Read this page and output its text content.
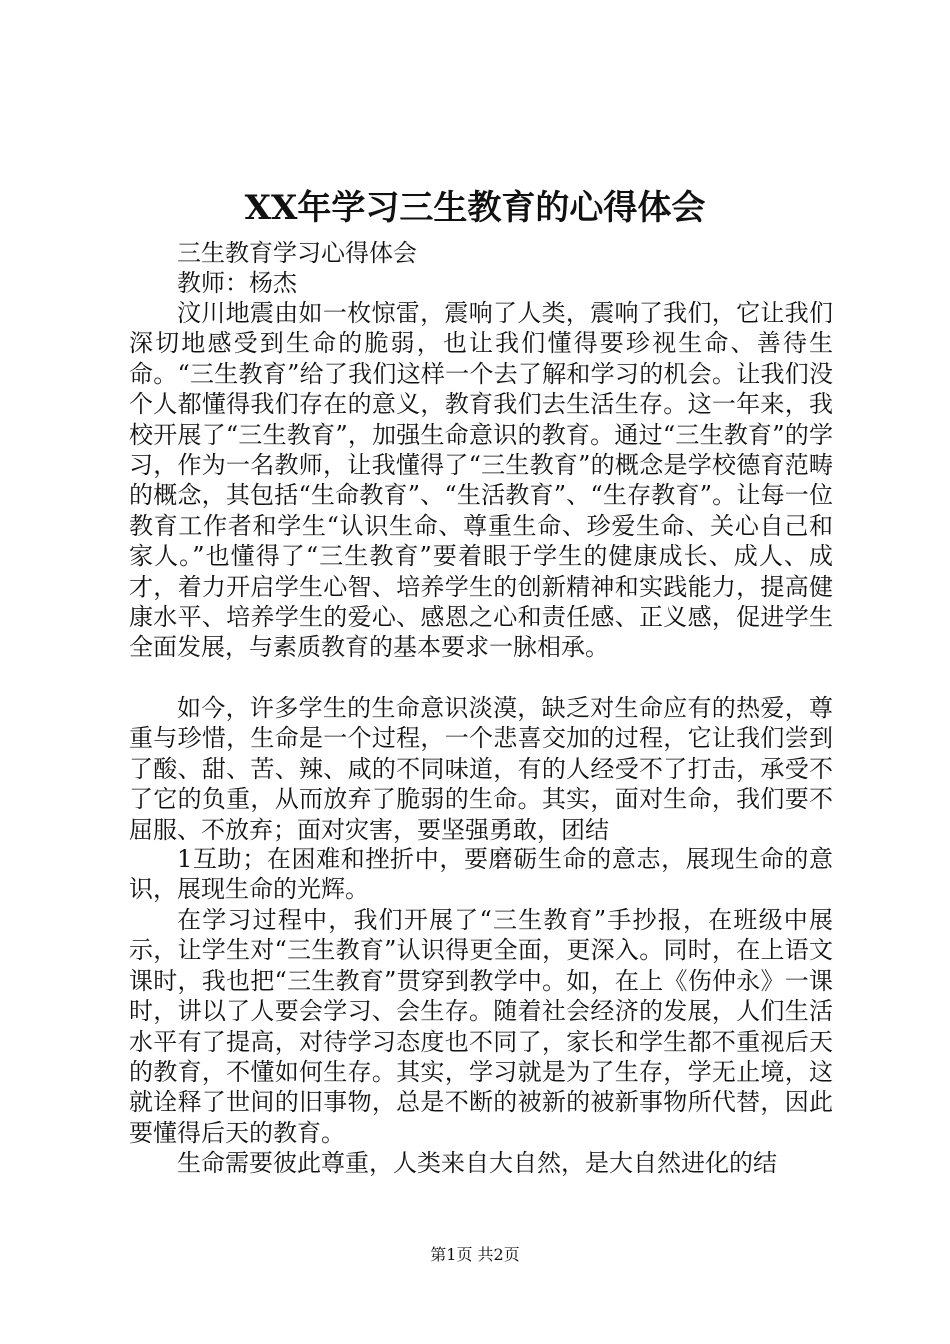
XX年学习三生教育的心得体会

三生教育学习心得体会

教师：杨杰

汶川地震由如一枚惊雷，震响了人类，震响了我们，它让我们深切地感受到生命的脆弱，也让我们懂得要珍视生命、善待生命。“三生教育”给了我们这样一个去了解和学习的机会。让我们没个人都懂得我们存在的意义，教育我们去生活生存。这一年来，我校开展了“三生教育”，加强生命意识的教育。通过“三生教育”的学习，作为一名教师，让我懂得了“三生教育”的概念是学校德育范畴的概念，其包括“生命教育”、“生活教育”、“生存教育”。让每一位教育工作者和学生“认识生命、尊重生命、珍爱生命、关心自己和家人。”也懂得了“三生教育”要着眼于学生的健康成长、成人、成才，着力开启学生心智、培养学生的创新精神和实践能力，提高健康水平、培养学生的爱心、感恩之心和责任感、正义感，促进学生全面发展，与素质教育的基本要求一脉相承。

如今，许多学生的生命意识淡漠，缺乏对生命应有的热爱，尊重与珍惜，生命是一个过程，一个悲喜交加的过程，它让我们尝到了酸、甜、苦、辣、咸的不同味道，有的人经受不了打击，承受不了它的负重，从而放弃了脆弱的生命。其实，面对生命，我们要不屈服、不放弃；面对灾害，要坚强勇敢，团结

1互助；在困难和挫折中，要磨砺生命的意志，展现生命的意识，展现生命的光辉。

在学习过程中，我们开展了“三生教育”手抄报，在班级中展示，让学生对“三生教育”认识得更全面，更深入。同时，在上语文课时，我也把“三生教育”贯穿到教学中。如，在上《伤仲永》一课时，讲以了人要会学习、会生存。随着社会经济的发展，人们生活水平有了提高，对待学习态度也不同了，家长和学生都不重视后天的教育，不懂如何生存。其实，学习就是为了生存，学无止境，这就诠释了世间的旧事物，总是不断的被新的被新事物所代替，因此要懂得后天的教育。

生命需要彼此尊重，人类来自大自然，是大自然进化的结

第1页 共2页
